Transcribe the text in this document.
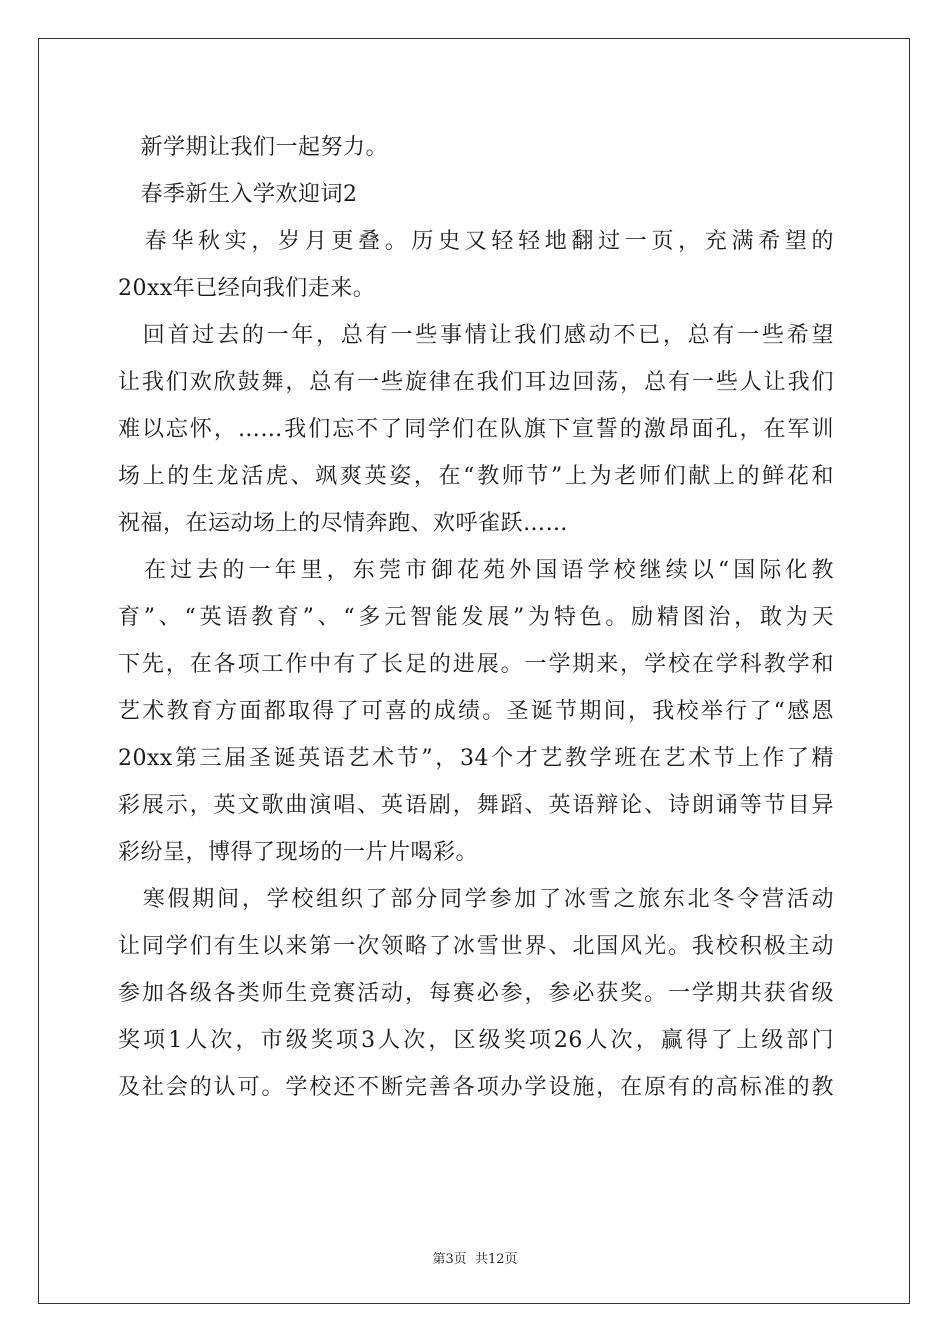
　新学期让我们一起努力。
　春季新生入学欢迎词2
　春华秋实，岁月更叠。历史又轻轻地翻过一页，充满希望的
20xx年已经向我们走来。
　回首过去的一年，总有一些事情让我们感动不已，总有一些希望
让我们欢欣鼓舞，总有一些旋律在我们耳边回荡，总有一些人让我们
难以忘怀，……我们忘不了同学们在队旗下宣誓的激昂面孔，在军训
场上的生龙活虎、飒爽英姿，在“教师节”上为老师们献上的鲜花和
祝福，在运动场上的尽情奔跑、欢呼雀跃……
　在过去的一年里，东莞市御花苑外国语学校继续以“国际化教
育”、“英语教育”、“多元智能发展”为特色。励精图治，敢为天
下先，在各项工作中有了长足的进展。一学期来，学校在学科教学和
艺术教育方面都取得了可喜的成绩。圣诞节期间，我校举行了“感恩
20xx第三届圣诞英语艺术节”，34个才艺教学班在艺术节上作了精
彩展示，英文歌曲演唱、英语剧，舞蹈、英语辩论、诗朗诵等节目异
彩纷呈，博得了现场的一片片喝彩。
　寒假期间，学校组织了部分同学参加了冰雪之旅东北冬令营活动
让同学们有生以来第一次领略了冰雪世界、北国风光。我校积极主动
参加各级各类师生竞赛活动，每赛必参，参必获奖。一学期共获省级
奖项1人次，市级奖项3人次，区级奖项26人次，赢得了上级部门
及社会的认可。学校还不断完善各项办学设施，在原有的高标准的教
第3页 共12页
